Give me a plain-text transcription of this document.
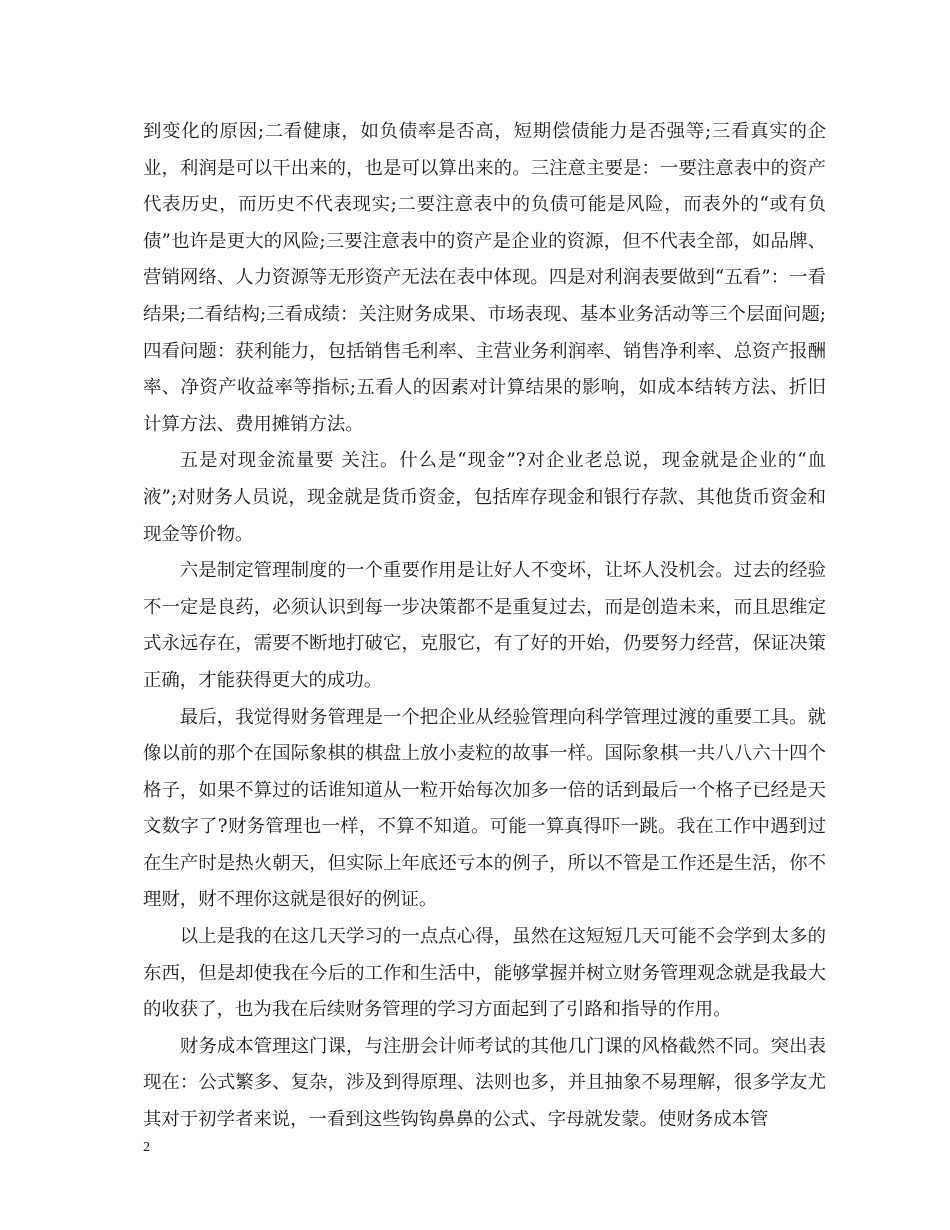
到变化的原因;二看健康，如负债率是否高，短期偿债能力是否强等;三看真实的企业，利润是可以干出来的，也是可以算出来的。三注意主要是：一要注意表中的资产代表历史，而历史不代表现实;二要注意表中的负债可能是风险，而表外的“或有负债”也许是更大的风险;三要注意表中的资产是企业的资源，但不代表全部，如品牌、营销网络、人力资源等无形资产无法在表中体现。四是对利润表要做到“五看”：一看结果;二看结构;三看成绩：关注财务成果、市场表现、基本业务活动等三个层面问题;四看问题：获利能力，包括销售毛利率、主营业务利润率、销售净利率、总资产报酬率、净资产收益率等指标;五看人的因素对计算结果的影响，如成本结转方法、折旧计算方法、费用摊销方法。

五是对现金流量要 关注。什么是“现金”?对企业老总说，现金就是企业的“血液”;对财务人员说，现金就是货币资金，包括库存现金和银行存款、其他货币资金和现金等价物。

六是制定管理制度的一个重要作用是让好人不变坏，让坏人没机会。过去的经验不一定是良药，必须认识到每一步决策都不是重复过去，而是创造未来，而且思维定式永远存在，需要不断地打破它，克服它，有了好的开始，仍要努力经营，保证决策正确，才能获得更大的成功。

最后，我觉得财务管理是一个把企业从经验管理向科学管理过渡的重要工具。就像以前的那个在国际象棋的棋盘上放小麦粒的故事一样。国际象棋一共八八六十四个格子，如果不算过的话谁知道从一粒开始每次加多一倍的话到最后一个格子已经是天文数字了?财务管理也一样，不算不知道。可能一算真得吓一跳。我在工作中遇到过在生产时是热火朝天，但实际上年底还亏本的例子，所以不管是工作还是生活，你不理财，财不理你这就是很好的例证。

以上是我的在这几天学习的一点点心得，虽然在这短短几天可能不会学到太多的东西，但是却使我在今后的工作和生活中，能够掌握并树立财务管理观念就是我最大的收获了，也为我在后续财务管理的学习方面起到了引路和指导的作用。

财务成本管理这门课，与注册会计师考试的其他几门课的风格截然不同。突出表现在：公式繁多、复杂，涉及到得原理、法则也多，并且抽象不易理解，很多学友尤其对于初学者来说，一看到这些钩钩鼻鼻的公式、字母就发蒙。使财务成本管

2
